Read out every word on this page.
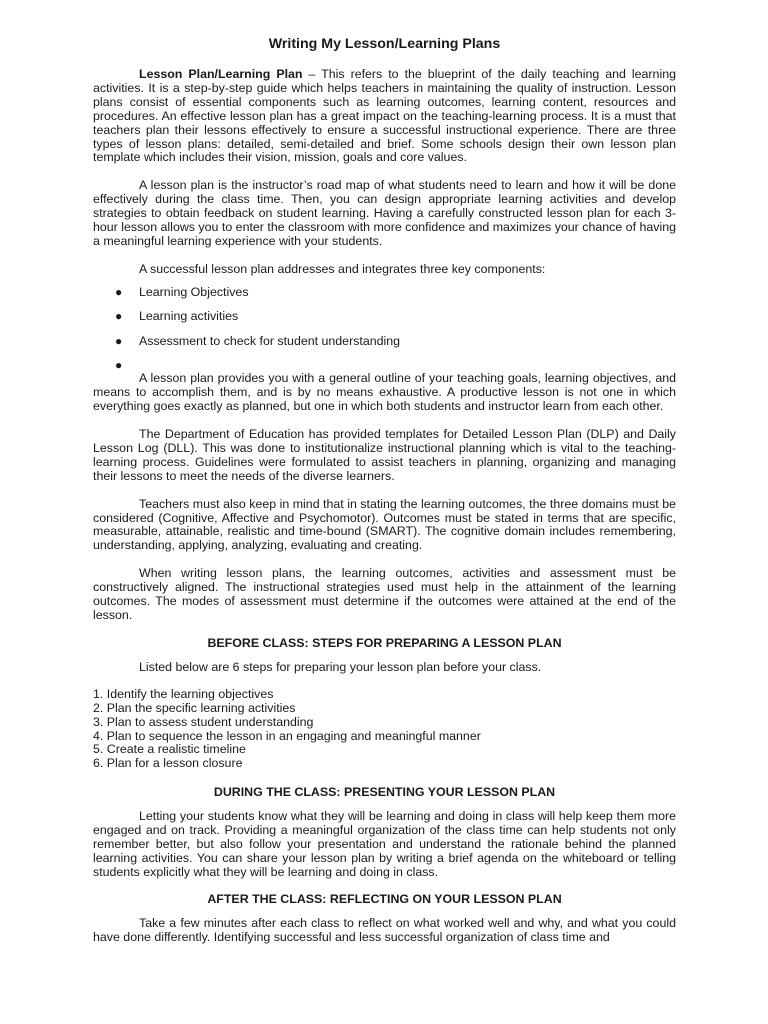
Writing My Lesson/Learning Plans

Lesson Plan/Learning Plan – This refers to the blueprint of the daily teaching and learning activities. It is a step-by-step guide which helps teachers in maintaining the quality of instruction. Lesson plans consist of essential components such as learning outcomes, learning content, resources and procedures. An effective lesson plan has a great impact on the teaching-learning process. It is a must that teachers plan their lessons effectively to ensure a successful instructional experience. There are three types of lesson plans: detailed, semi-detailed and brief. Some schools design their own lesson plan template which includes their vision, mission, goals and core values.

A lesson plan is the instructor’s road map of what students need to learn and how it will be done effectively during the class time. Then, you can design appropriate learning activities and develop strategies to obtain feedback on student learning. Having a carefully constructed lesson plan for each 3-hour lesson allows you to enter the classroom with more confidence and maximizes your chance of having a meaningful learning experience with your students.

A successful lesson plan addresses and integrates three key components:

● Learning Objectives
● Learning activities
● Assessment to check for student understanding
●

A lesson plan provides you with a general outline of your teaching goals, learning objectives, and means to accomplish them, and is by no means exhaustive. A productive lesson is not one in which everything goes exactly as planned, but one in which both students and instructor learn from each other.

The Department of Education has provided templates for Detailed Lesson Plan (DLP) and Daily Lesson Log (DLL). This was done to institutionalize instructional planning which is vital to the teaching-learning process. Guidelines were formulated to assist teachers in planning, organizing and managing their lessons to meet the needs of the diverse learners.

Teachers must also keep in mind that in stating the learning outcomes, the three domains must be considered (Cognitive, Affective and Psychomotor). Outcomes must be stated in terms that are specific, measurable, attainable, realistic and time-bound (SMART). The cognitive domain includes remembering, understanding, applying, analyzing, evaluating and creating.

When writing lesson plans, the learning outcomes, activities and assessment must be constructively aligned. The instructional strategies used must help in the attainment of the learning outcomes. The modes of assessment must determine if the outcomes were attained at the end of the lesson.

BEFORE CLASS: STEPS FOR PREPARING A LESSON PLAN

Listed below are 6 steps for preparing your lesson plan before your class.

1. Identify the learning objectives
2. Plan the specific learning activities
3. Plan to assess student understanding
4. Plan to sequence the lesson in an engaging and meaningful manner
5. Create a realistic timeline
6. Plan for a lesson closure
DURING THE CLASS: PRESENTING YOUR LESSON PLAN

Letting your students know what they will be learning and doing in class will help keep them more engaged and on track. Providing a meaningful organization of the class time can help students not only remember better, but also follow your presentation and understand the rationale behind the planned learning activities. You can share your lesson plan by writing a brief agenda on the whiteboard or telling students explicitly what they will be learning and doing in class.

AFTER THE CLASS: REFLECTING ON YOUR LESSON PLAN

Take a few minutes after each class to reflect on what worked well and why, and what you could have done differently. Identifying successful and less successful organization of class time and
